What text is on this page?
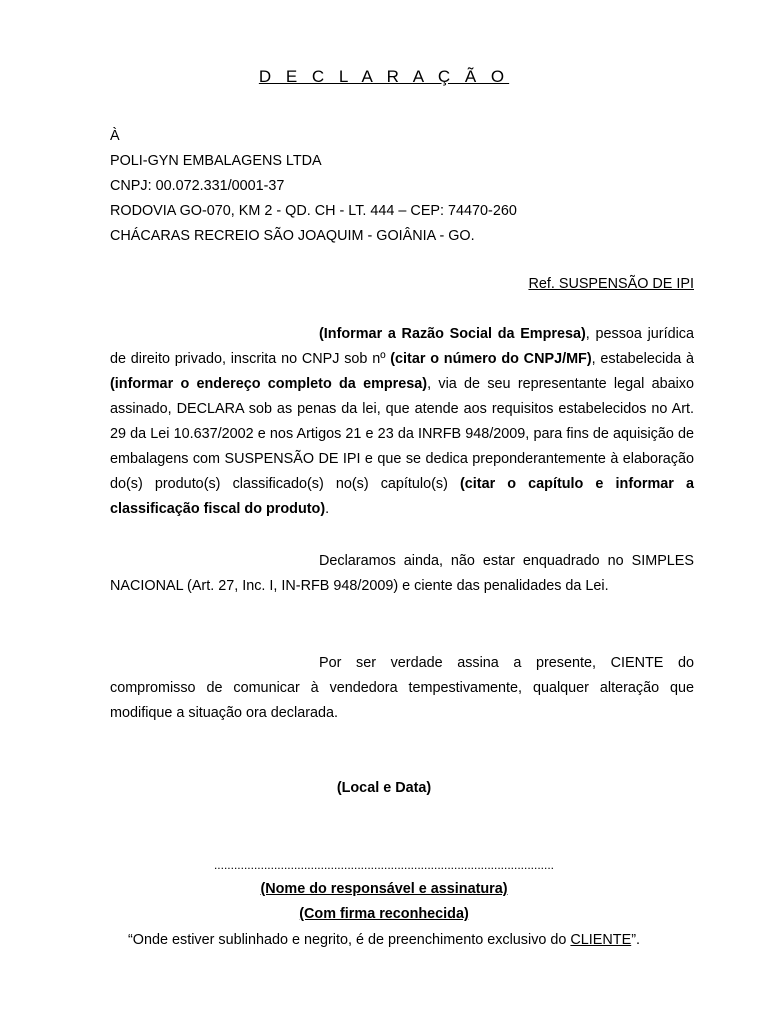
D E C L A R A Ç Ã O
À
POLI-GYN EMBALAGENS LTDA
CNPJ: 00.072.331/0001-37
RODOVIA GO-070, KM 2 - QD. CH - LT. 444 – CEP: 74470-260
CHÁCARAS RECREIO SÃO JOAQUIM - GOIÂNIA - GO.
Ref. SUSPENSÃO DE IPI
(Informar a Razão Social da Empresa), pessoa jurídica de direito privado, inscrita no CNPJ sob nº (citar o número do CNPJ/MF), estabelecida à (informar o endereço completo da empresa), via de seu representante legal abaixo assinado, DECLARA sob as penas da lei, que atende aos requisitos estabelecidos no Art. 29 da Lei 10.637/2002 e nos Artigos 21 e 23 da INRFB 948/2009, para fins de aquisição de embalagens com SUSPENSÃO DE IPI e que se dedica preponderantemente à elaboração do(s) produto(s) classificado(s) no(s) capítulo(s) (citar o capítulo e informar a classificação fiscal do produto).
Declaramos ainda, não estar enquadrado no SIMPLES NACIONAL (Art. 27, Inc. I, IN-RFB 948/2009) e ciente das penalidades da Lei.
Por ser verdade assina a presente, CIENTE do compromisso de comunicar à vendedora tempestivamente, qualquer alteração que modifique a situação ora declarada.
(Local e Data)
......................................................................................................
(Nome do responsável e assinatura)
(Com firma reconhecida)
“Onde estiver sublinhado e negrito, é de preenchimento exclusivo do CLIENTE”.
